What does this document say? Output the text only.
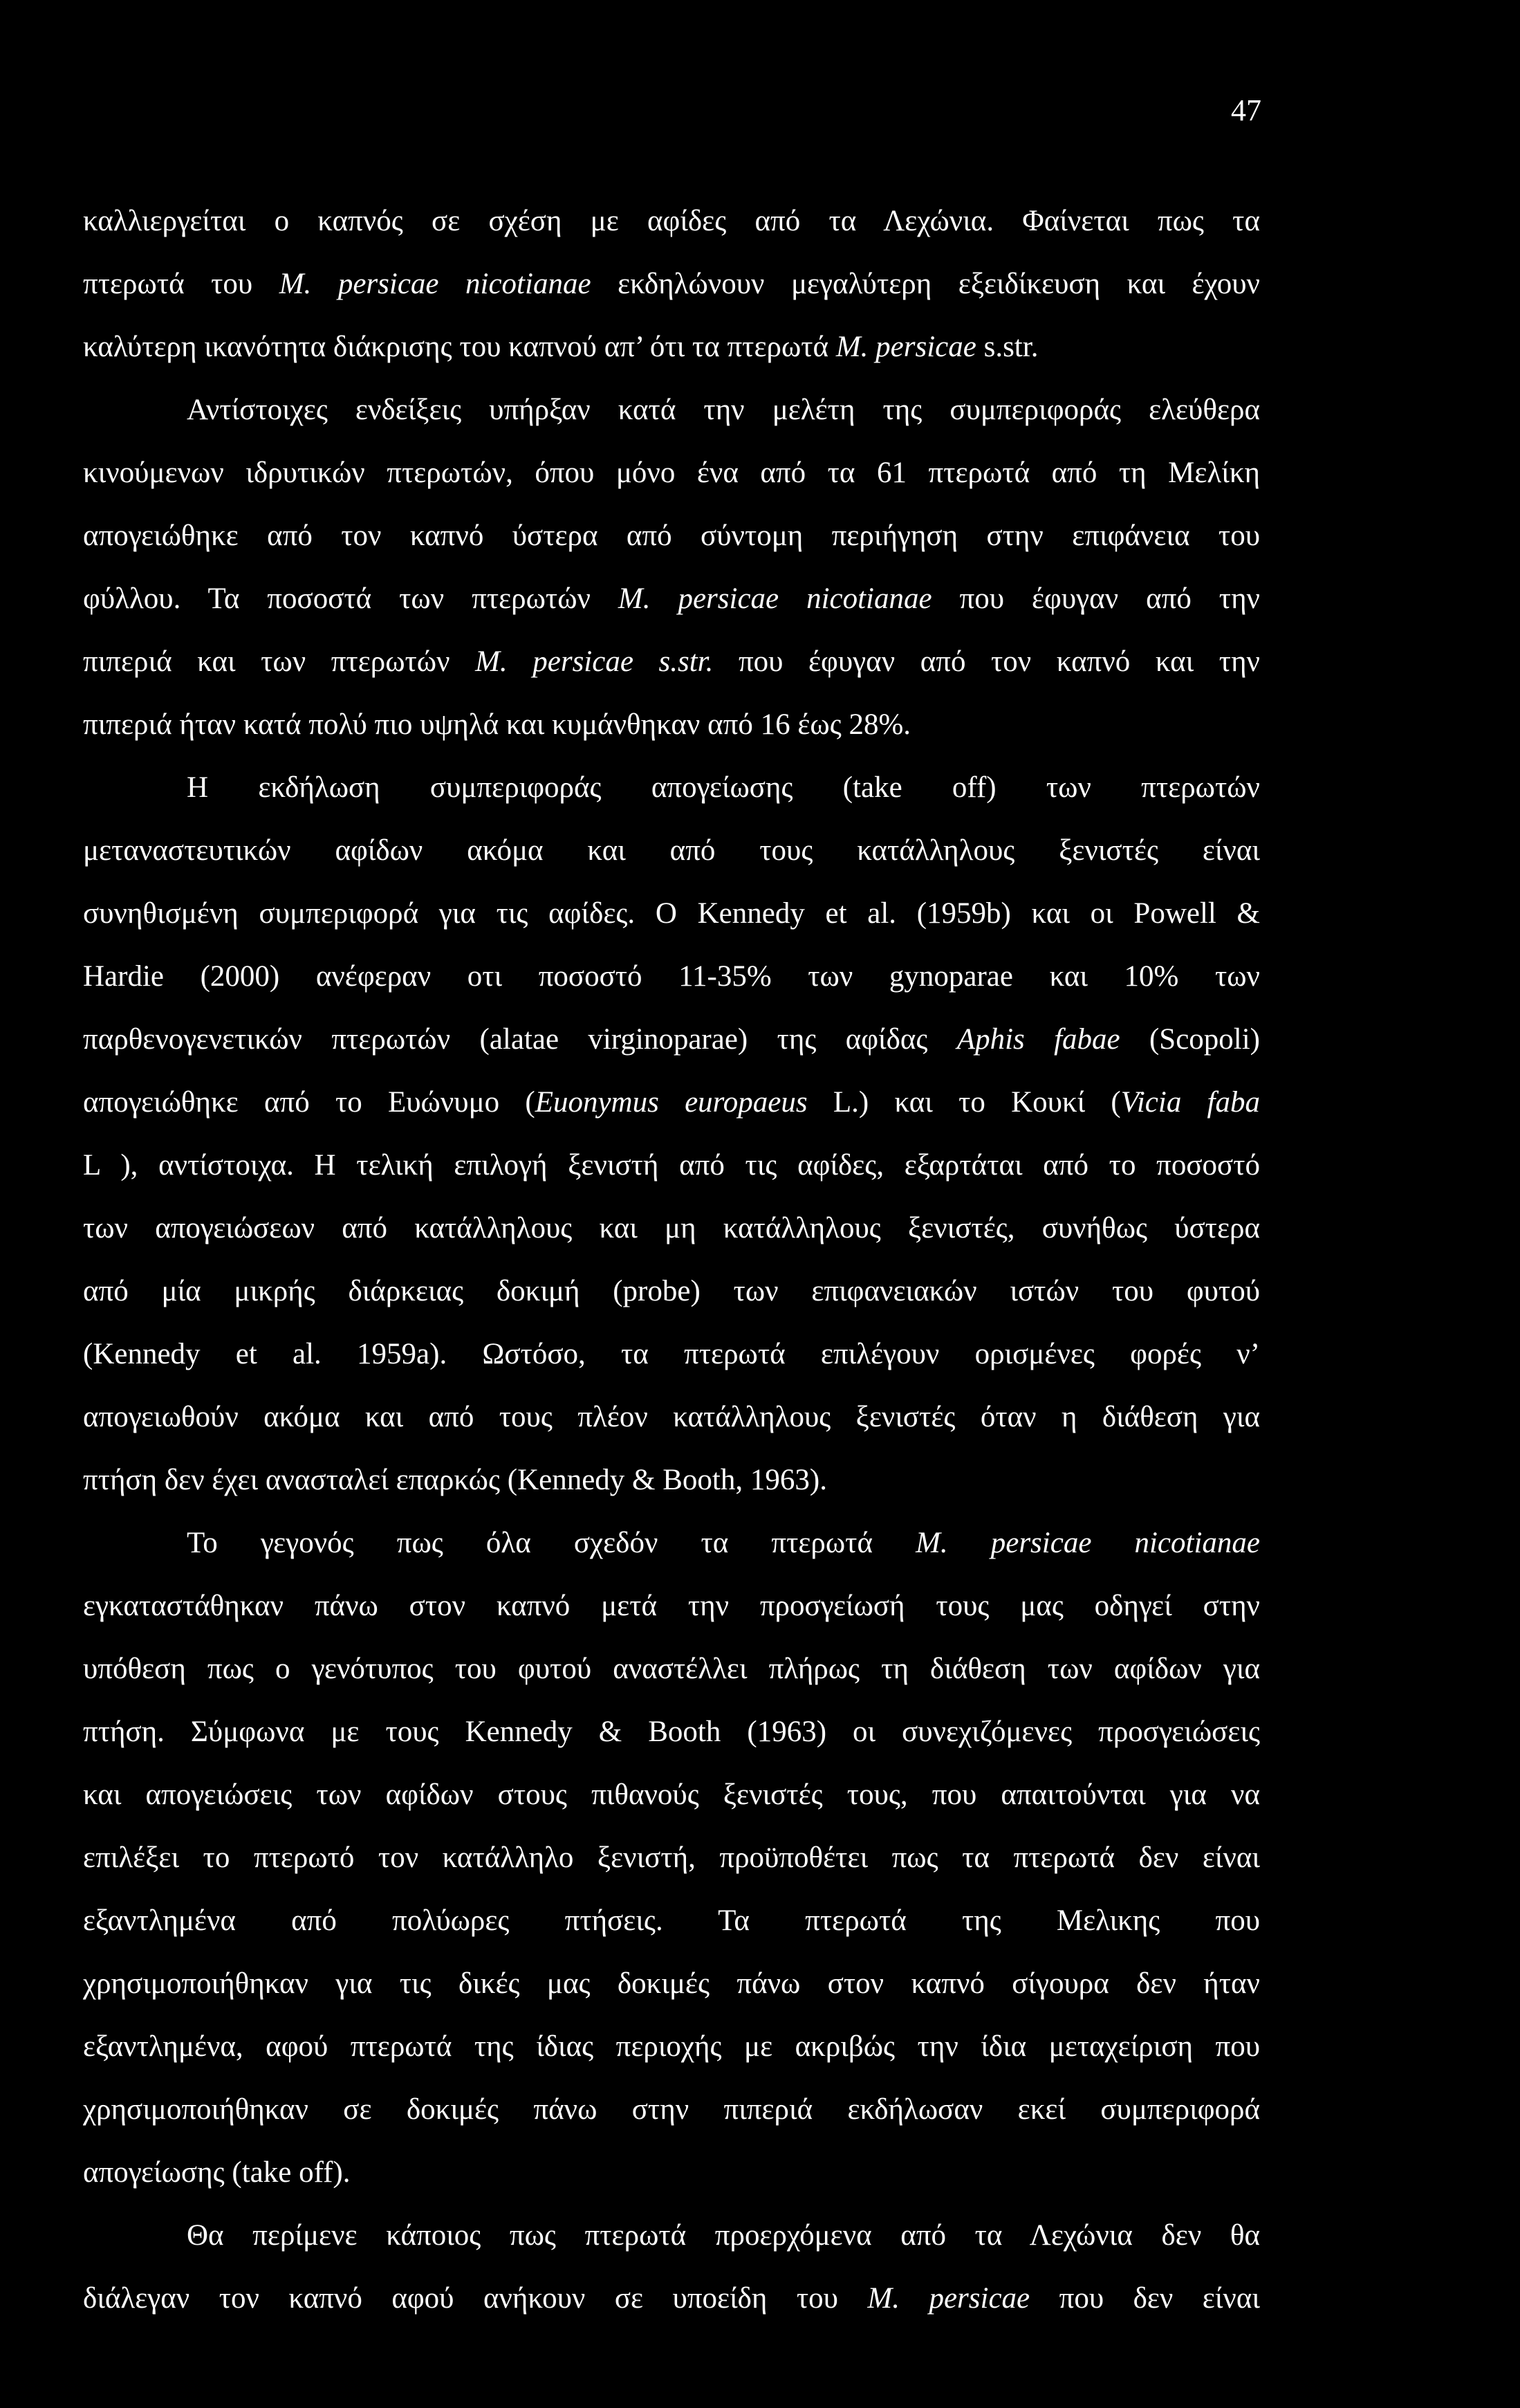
47
καλλιεργείται ο καπνός σε σχέση με αφίδες από τα Λεχώνια. Φαίνεται πως τα
πτερωτά του M. persicae nicotianae εκδηλώνουν μεγαλύτερη εξειδίκευση και έχουν
καλύτερη ικανότητα διάκρισης του καπνού απ’ ότι τα πτερωτά M. persicae s.str.
Αντίστοιχες ενδείξεις υπήρξαν κατά την μελέτη της συμπεριφοράς ελεύθερα
κινούμενων ιδρυτικών πτερωτών, όπου μόνο ένα από τα 61 πτερωτά από τη Μελίκη
απογειώθηκε από τον καπνό ύστερα από σύντομη περιήγηση στην επιφάνεια του
φύλλου. Τα ποσοστά των πτερωτών M. persicae nicotianae που έφυγαν από την
πιπεριά και των πτερωτών M. persicae s.str. που έφυγαν από τον καπνό και την
πιπεριά ήταν κατά πολύ πιο υψηλά και κυμάνθηκαν από 16 έως 28%.
Η εκδήλωση συμπεριφοράς απογείωσης (take off) των πτερωτών
μεταναστευτικών αφίδων ακόμα και από τους κατάλληλους ξενιστές είναι
συνηθισμένη συμπεριφορά για τις αφίδες. Ο Kennedy et al. (1959b) και οι Powell &
Hardie (2000) ανέφεραν οτι ποσοστό 11-35% των gynoparae και 10% των
παρθενογενετικών πτερωτών (alatae virginoparae) της αφίδας Aphis fabae (Scopoli)
απογειώθηκε από το Ευώνυμο (Euonymus europaeus L.) και το Κουκί (Vicia faba
L ), αντίστοιχα. Η τελική επιλογή ξενιστή από τις αφίδες, εξαρτάται από το ποσοστό
των απογειώσεων από κατάλληλους και μη κατάλληλους ξενιστές, συνήθως ύστερα
από μία μικρής διάρκειας δοκιμή (probe) των επιφανειακών ιστών του φυτού
(Kennedy et al. 1959a). Ωστόσο, τα πτερωτά επιλέγουν ορισμένες φορές ν’
απογειωθούν ακόμα και από τους πλέον κατάλληλους ξενιστές όταν η διάθεση για
πτήση δεν έχει ανασταλεί επαρκώς (Kennedy & Booth, 1963).
Το γεγονός πως όλα σχεδόν τα πτερωτά M. persicae nicotianae
εγκαταστάθηκαν πάνω στον καπνό μετά την προσγείωσή τους μας οδηγεί στην
υπόθεση πως ο γενότυπος του φυτού αναστέλλει πλήρως τη διάθεση των αφίδων για
πτήση. Σύμφωνα με τους Kennedy & Booth (1963) οι συνεχιζόμενες προσγειώσεις
και απογειώσεις των αφίδων στους πιθανούς ξενιστές τους, που απαιτούνται για να
επιλέξει το πτερωτό τον κατάλληλο ξενιστή, προϋποθέτει πως τα πτερωτά δεν είναι
εξαντλημένα από πολύωρες πτήσεις. Τα πτερωτά της Μελικης που
χρησιμοποιήθηκαν για τις δικές μας δοκιμές πάνω στον καπνό σίγουρα δεν ήταν
εξαντλημένα, αφού πτερωτά της ίδιας περιοχής με ακριβώς την ίδια μεταχείριση που
χρησιμοποιήθηκαν σε δοκιμές πάνω στην πιπεριά εκδήλωσαν εκεί συμπεριφορά
απογείωσης (take off).
Θα περίμενε κάποιος πως πτερωτά προερχόμενα από τα Λεχώνια δεν θα
διάλεγαν τον καπνό αφού ανήκουν σε υποείδη του M. persicae που δεν είναι
